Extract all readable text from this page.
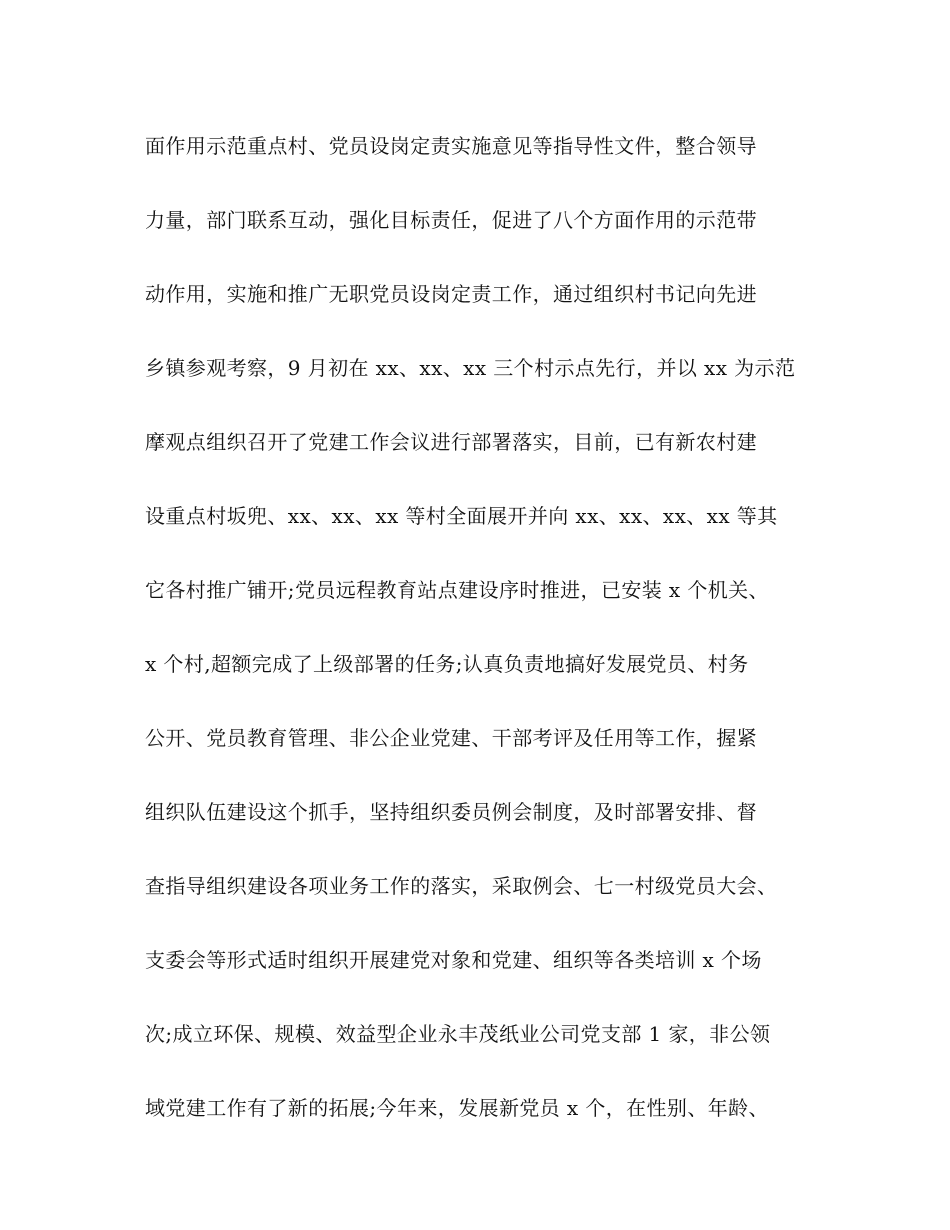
面作用示范重点村、党员设岗定责实施意见等指导性文件，整合领导
力量，部门联系互动，强化目标责任，促进了八个方面作用的示范带
动作用，实施和推广无职党员设岗定责工作，通过组织村书记向先进
乡镇参观考察，9 月初在 xx、xx、xx 三个村示点先行，并以 xx 为示范
摩观点组织召开了党建工作会议进行部署落实，目前，已有新农村建
设重点村坂兜、xx、xx、xx 等村全面展开并向 xx、xx、xx、xx 等其
它各村推广铺开;党员远程教育站点建设序时推进，已安装 x 个机关、
x 个村,超额完成了上级部署的任务;认真负责地搞好发展党员、村务
公开、党员教育管理、非公企业党建、干部考评及任用等工作，握紧
组织队伍建设这个抓手，坚持组织委员例会制度，及时部署安排、督
查指导组织建设各项业务工作的落实，采取例会、七一村级党员大会、
支委会等形式适时组织开展建党对象和党建、组织等各类培训 x 个场
次;成立环保、规模、效益型企业永丰茂纸业公司党支部 1 家，非公领
域党建工作有了新的拓展;今年来，发展新党员 x 个，在性别、年龄、
